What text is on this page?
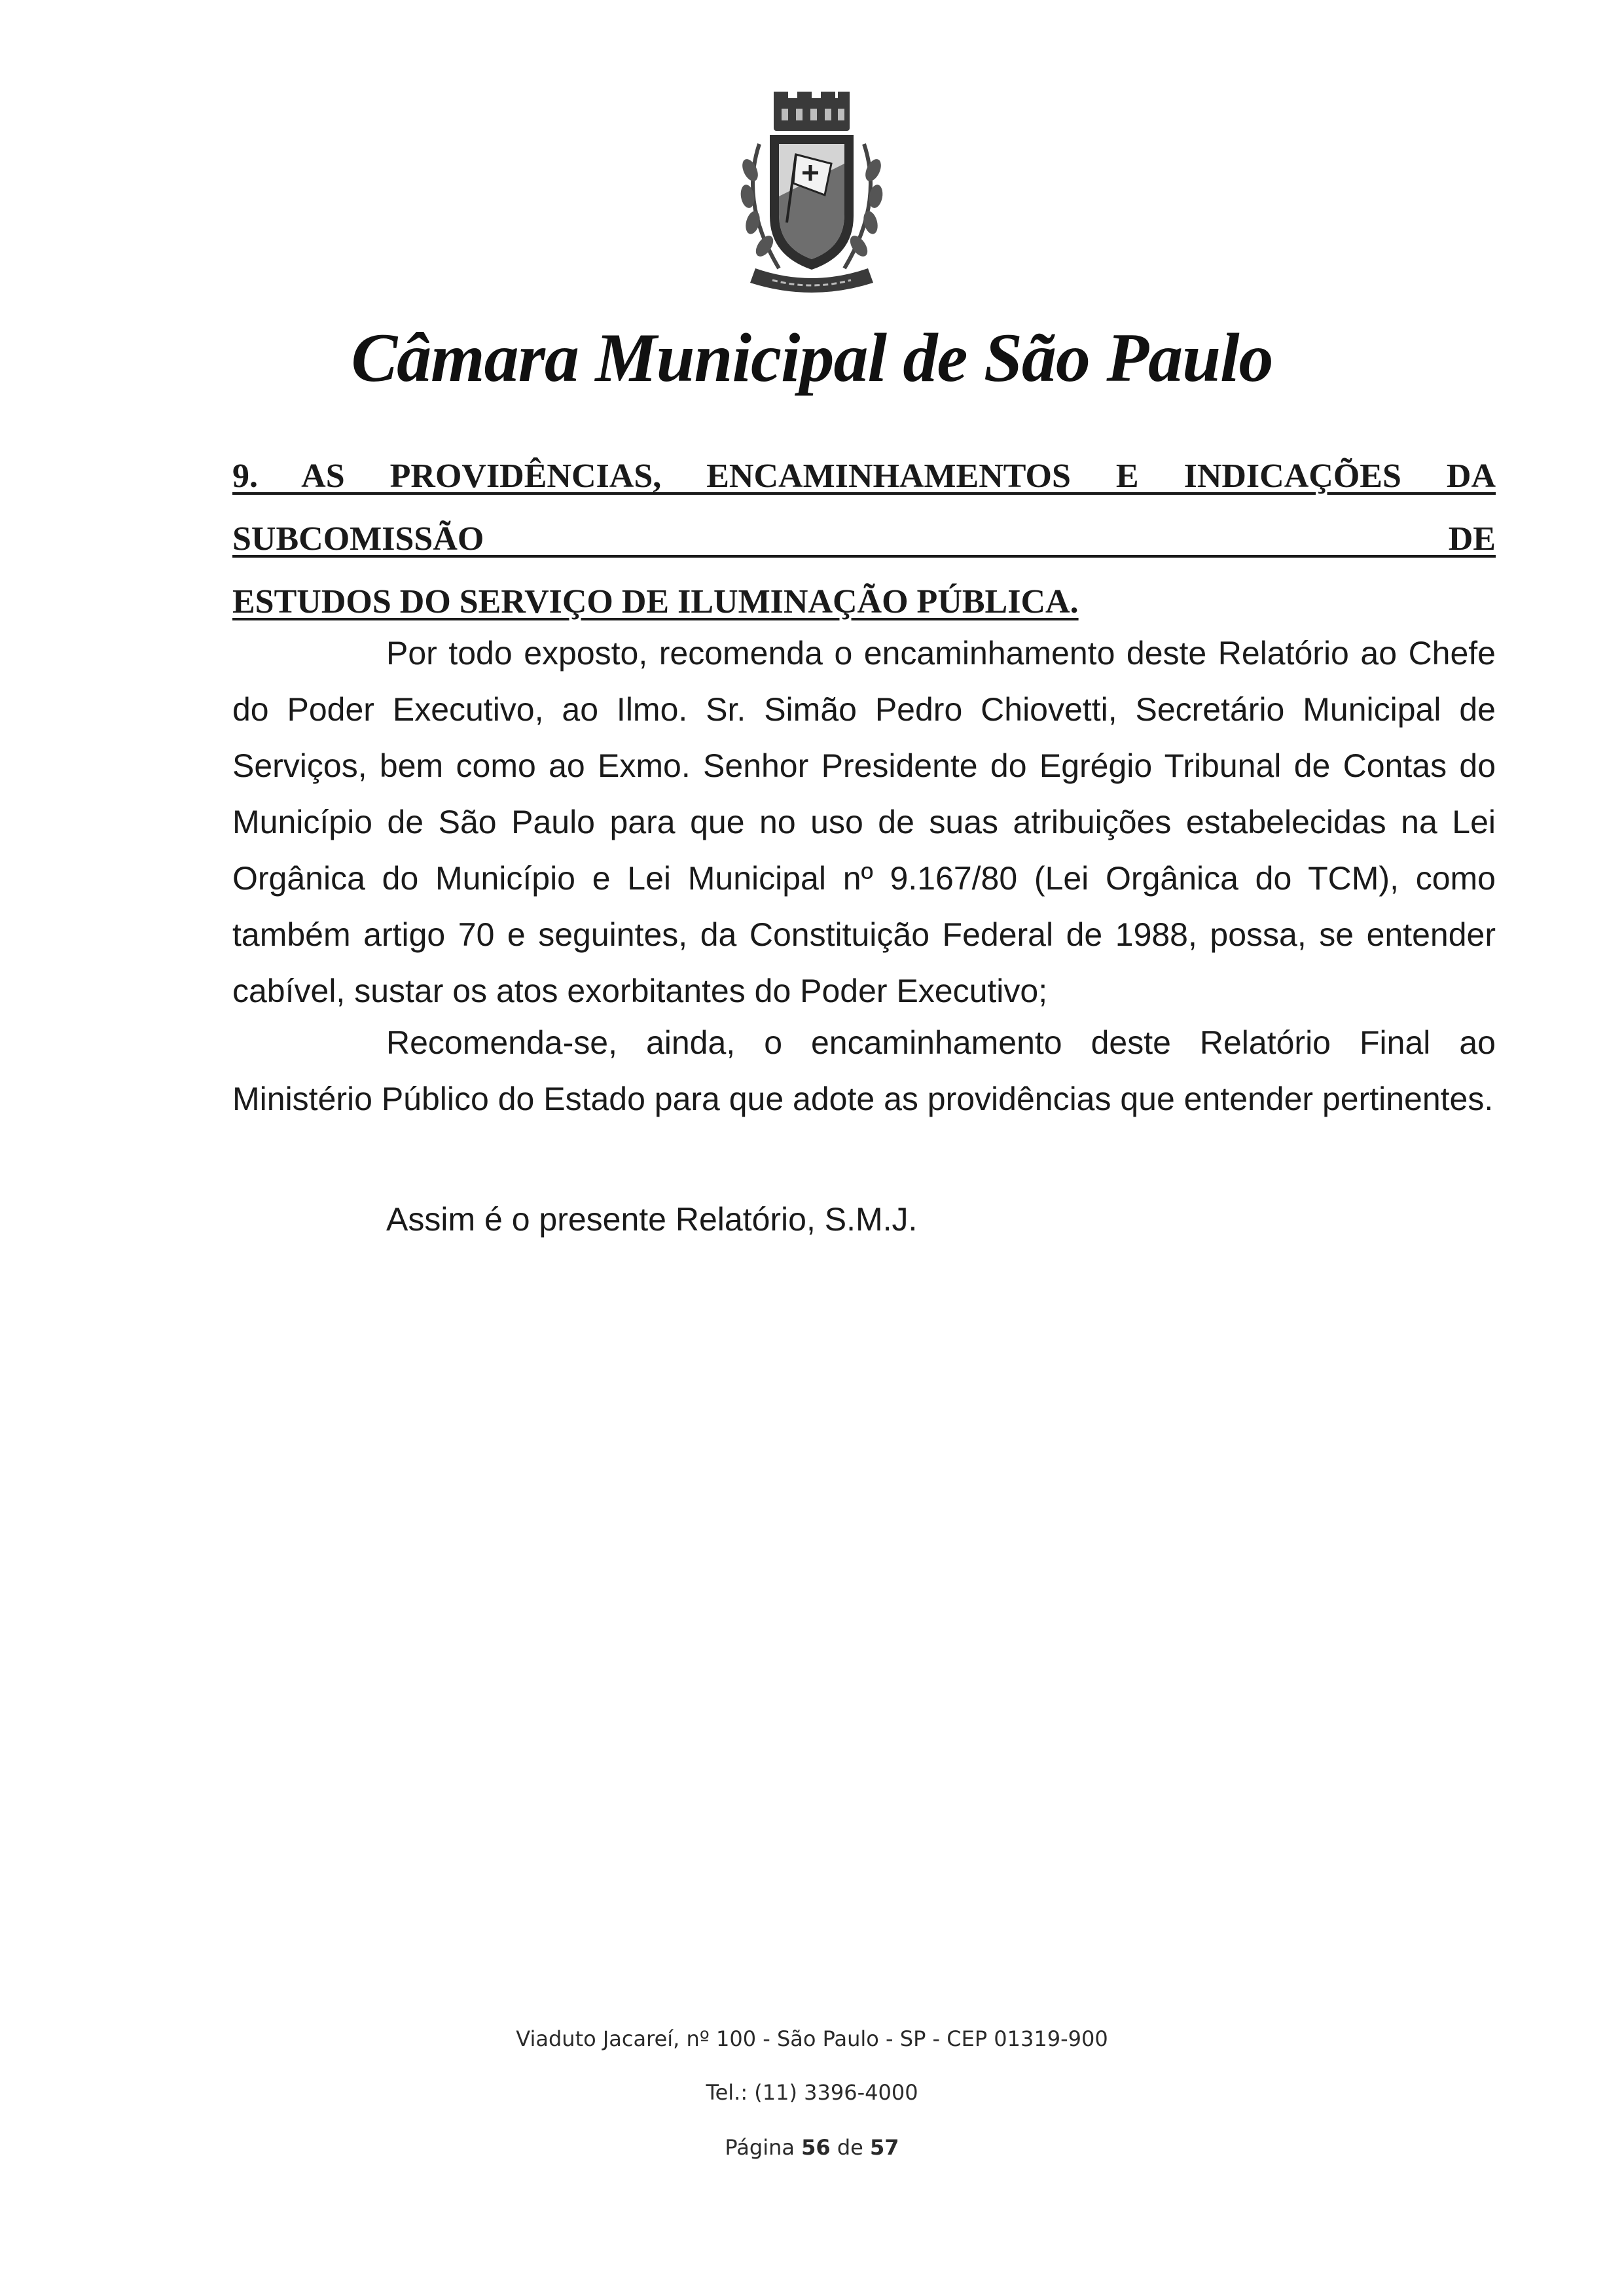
Câmara Municipal de São Paulo
9. AS PROVIDÊNCIAS, ENCAMINHAMENTOS E INDICAÇÕES DA SUBCOMISSÃO DE
ESTUDOS DO SERVIÇO DE ILUMINAÇÃO PÚBLICA.
Por todo exposto, recomenda o encaminhamento deste Relatório ao Chefe do Poder Executivo, ao Ilmo. Sr. Simão Pedro Chiovetti, Secretário Municipal de Serviços, bem como ao Exmo. Senhor Presidente do Egrégio Tribunal de Contas do Município de São Paulo para que no uso de suas atribuições estabelecidas na Lei Orgânica do Município e Lei Municipal nº 9.167/80 (Lei Orgânica do TCM), como também artigo 70 e seguintes, da Constituição Federal de 1988, possa, se entender cabível, sustar os atos exorbitantes do Poder Executivo;
Recomenda-se, ainda, o encaminhamento deste Relatório Final ao Ministério Público do Estado para que adote as providências que entender pertinentes.
Assim é o presente Relatório, S.M.J.
Viaduto Jacareí, nº 100 - São Paulo - SP - CEP 01319-900
Tel.: (11) 3396-4000
Página 56 de 57
